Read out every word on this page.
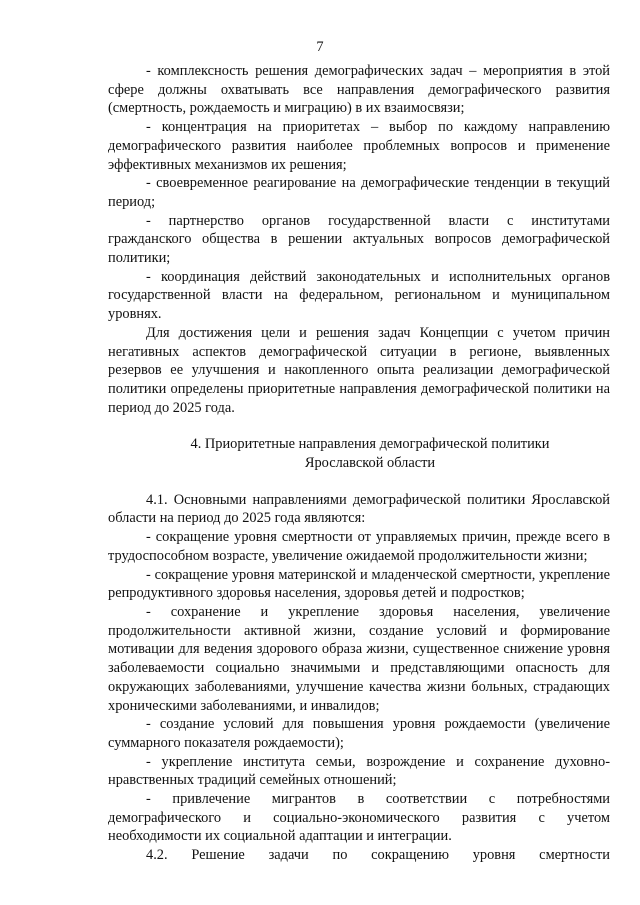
7

- комплексность решения демографических задач – мероприятия в этой сфере должны охватывать все направления демографического развития (смертность, рождаемость и миграцию) в их взаимосвязи;

- концентрация на приоритетах – выбор по каждому направлению демографического развития наиболее проблемных вопросов и применение эффективных механизмов их решения;

- своевременное реагирование на демографические тенденции в текущий период;

- партнерство органов государственной власти с институтами гражданского общества в решении актуальных вопросов демографической политики;

- координация действий законодательных и исполнительных органов государственной власти на федеральном, региональном и муниципальном уровнях.

Для достижения цели и решения задач Концепции с учетом причин негативных аспектов демографической ситуации в регионе, выявленных резервов ее улучшения и накопленного опыта реализации демографической политики определены приоритетные направления демографической политики на период до 2025 года.

4. Приоритетные направления демографической политики
Ярославской области

4.1. Основными направлениями демографической политики Ярославской области на период до 2025 года являются:

- сокращение уровня смертности от управляемых причин, прежде всего в трудоспособном возрасте, увеличение ожидаемой продолжительности жизни;

- сокращение уровня материнской и младенческой смертности, укрепление репродуктивного здоровья населения, здоровья детей и подростков;

- сохранение и укрепление здоровья населения, увеличение продолжительности активной жизни, создание условий и формирование мотивации для ведения здорового образа жизни, существенное снижение уровня заболеваемости социально значимыми и представляющими опасность для окружающих заболеваниями, улучшение качества жизни больных, страдающих хроническими заболеваниями, и инвалидов;

- создание условий для повышения уровня рождаемости (увеличение суммарного показателя рождаемости);

- укрепление института семьи, возрождение и сохранение духовно-нравственных традиций семейных отношений;

- привлечение мигрантов в соответствии с потребностями демографического и социально-экономического развития с учетом необходимости их социальной адаптации и интеграции.

4.2. Решение задачи по сокращению уровня смертности
